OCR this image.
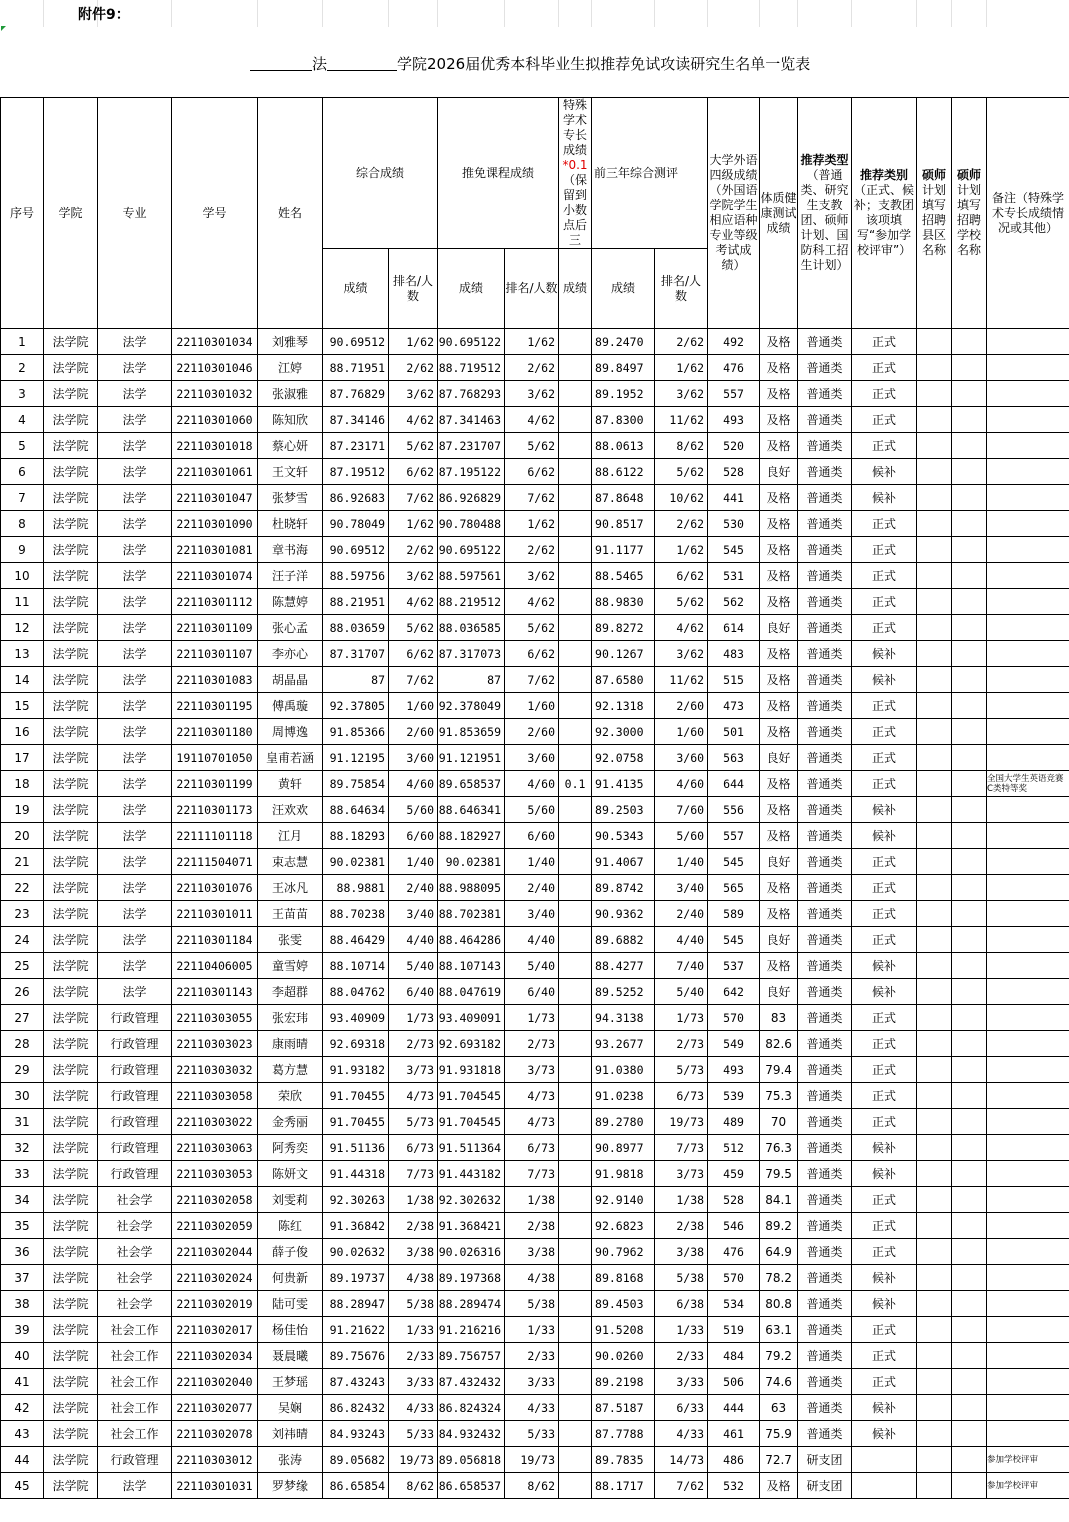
附件9：
法	学院2026届优秀本科毕业生拟推荐免试攻读研究生名单一览表
序号	学院	专业	学号	姓名	综合成绩		推免课程成绩		特殊学术专长成绩*0.1（保留到小数点后三	前三年综合测评		大学外语四级成绩（外国语学院学生相应语种专业等级考试成绩）	体质健康测试成绩	推荐类型（普通类、研究生支教团、硕师计划、国防科工招生计划）	推荐类别（正式、候补；支教团该项填写“参加学校评审”）	硕师计划填写招聘县区名称	硕师计划填写招聘学校名称	备注（特殊学术专长成绩情况或其他）
					成绩	排名/人数	成绩	排名/人数	成绩	成绩	排名/人数							
1	法学院	法学	22110301034	刘雅琴	90.69512	1/62	90.695122	1/62		89.2470	2/62	492	及格	普通类	正式			
2	法学院	法学	22110301046	江婷	88.71951	2/62	88.719512	2/62		89.8497	1/62	476	及格	普通类	正式			
3	法学院	法学	22110301032	张淑雅	87.76829	3/62	87.768293	3/62		89.1952	3/62	557	及格	普通类	正式			
4	法学院	法学	22110301060	陈知欣	87.34146	4/62	87.341463	4/62		87.8300	11/62	493	及格	普通类	正式			
5	法学院	法学	22110301018	蔡心妍	87.23171	5/62	87.231707	5/62		88.0613	8/62	520	及格	普通类	正式			
6	法学院	法学	22110301061	王文轩	87.19512	6/62	87.195122	6/62		88.6122	5/62	528	良好	普通类	候补			
7	法学院	法学	22110301047	张梦雪	86.92683	7/62	86.926829	7/62		87.8648	10/62	441	及格	普通类	候补			
8	法学院	法学	22110301090	杜晓轩	90.78049	1/62	90.780488	1/62		90.8517	2/62	530	及格	普通类	正式			
9	法学院	法学	22110301081	章书海	90.69512	2/62	90.695122	2/62		91.1177	1/62	545	及格	普通类	正式			
10	法学院	法学	22110301074	汪子洋	88.59756	3/62	88.597561	3/62		88.5465	6/62	531	及格	普通类	正式			
11	法学院	法学	22110301112	陈慧婷	88.21951	4/62	88.219512	4/62		88.9830	5/62	562	及格	普通类	正式			
12	法学院	法学	22110301109	张心孟	88.03659	5/62	88.036585	5/62		89.8272	4/62	614	良好	普通类	正式			
13	法学院	法学	22110301107	李亦心	87.31707	6/62	87.317073	6/62		90.1267	3/62	483	及格	普通类	候补			
14	法学院	法学	22110301083	胡晶晶	87	7/62	87	7/62		87.6580	11/62	515	及格	普通类	候补			
15	法学院	法学	22110301195	傅禹璇	92.37805	1/60	92.378049	1/60		92.1318	2/60	473	及格	普通类	正式			
16	法学院	法学	22110301180	周博逸	91.85366	2/60	91.853659	2/60		92.3000	1/60	501	及格	普通类	正式			
17	法学院	法学	19110701050	皇甫若涵	91.12195	3/60	91.121951	3/60		92.0758	3/60	563	良好	普通类	正式			
18	法学院	法学	22110301199	黄轩	89.75854	4/60	89.658537	4/60	0.1	91.4135	4/60	644	及格	普通类	正式			全国大学生英语竞赛C类特等奖
19	法学院	法学	22110301173	汪欢欢	88.64634	5/60	88.646341	5/60		89.2503	7/60	556	及格	普通类	候补			
20	法学院	法学	22111101118	江月	88.18293	6/60	88.182927	6/60		90.5343	5/60	557	及格	普通类	候补			
21	法学院	法学	22111504071	束志慧	90.02381	1/40	90.02381	1/40		91.4067	1/40	545	良好	普通类	正式			
22	法学院	法学	22110301076	王冰凡	88.9881	2/40	88.988095	2/40		89.8742	3/40	565	及格	普通类	正式			
23	法学院	法学	22110301011	王苗苗	88.70238	3/40	88.702381	3/40		90.9362	2/40	589	及格	普通类	正式			
24	法学院	法学	22110301184	张雯	88.46429	4/40	88.464286	4/40		89.6882	4/40	545	良好	普通类	正式			
25	法学院	法学	22110406005	童雪婷	88.10714	5/40	88.107143	5/40		88.4277	7/40	537	及格	普通类	候补			
26	法学院	法学	22110301143	李超群	88.04762	6/40	88.047619	6/40		89.5252	5/40	642	良好	普通类	候补			
27	法学院	行政管理	22110303055	张宏玮	93.40909	1/73	93.409091	1/73		94.3138	1/73	570	83	普通类	正式			
28	法学院	行政管理	22110303023	康雨晴	92.69318	2/73	92.693182	2/73		93.2677	2/73	549	82.6	普通类	正式			
29	法学院	行政管理	22110303032	葛方慧	91.93182	3/73	91.931818	3/73		91.0380	5/73	493	79.4	普通类	正式			
30	法学院	行政管理	22110303058	荣欣	91.70455	4/73	91.704545	4/73		91.0238	6/73	539	75.3	普通类	正式			
31	法学院	行政管理	22110303022	金秀丽	91.70455	5/73	91.704545	4/73		89.2780	19/73	489	70	普通类	正式			
32	法学院	行政管理	22110303063	阿秀奕	91.51136	6/73	91.511364	6/73		90.8977	7/73	512	76.3	普通类	候补			
33	法学院	行政管理	22110303053	陈妍文	91.44318	7/73	91.443182	7/73		91.9818	3/73	459	79.5	普通类	候补			
34	法学院	社会学	22110302058	刘雯莉	92.30263	1/38	92.302632	1/38		92.9140	1/38	528	84.1	普通类	正式			
35	法学院	社会学	22110302059	陈红	91.36842	2/38	91.368421	2/38		92.6823	2/38	546	89.2	普通类	正式			
36	法学院	社会学	22110302044	薛子俊	90.02632	3/38	90.026316	3/38		90.7962	3/38	476	64.9	普通类	正式			
37	法学院	社会学	22110302024	何贵新	89.19737	4/38	89.197368	4/38		89.8168	5/38	570	78.2	普通类	候补			
38	法学院	社会学	22110302019	陆可雯	88.28947	5/38	88.289474	5/38		89.4503	6/38	534	80.8	普通类	候补			
39	法学院	社会工作	22110302017	杨佳怡	91.21622	1/33	91.216216	1/33		91.5208	1/33	519	63.1	普通类	正式			
40	法学院	社会工作	22110302034	聂晨曦	89.75676	2/33	89.756757	2/33		90.0260	2/33	484	79.2	普通类	正式			
41	法学院	社会工作	22110302040	王梦瑶	87.43243	3/33	87.432432	3/33		89.2198	3/33	506	74.6	普通类	正式			
42	法学院	社会工作	22110302077	吴娴	86.82432	4/33	86.824324	4/33		87.5187	6/33	444	63	普通类	候补			
43	法学院	社会工作	22110302078	刘祎晴	84.93243	5/33	84.932432	5/33		87.7788	4/33	461	75.9	普通类	候补			
44	法学院	行政管理	22110303012	张涛	89.05682	19/73	89.056818	19/73		89.7835	14/73	486	72.7	研支团				参加学校评审
45	法学院	法学	22110301031	罗梦缘	86.65854	8/62	86.658537	8/62		88.1717	7/62	532	及格	研支团				参加学校评审
